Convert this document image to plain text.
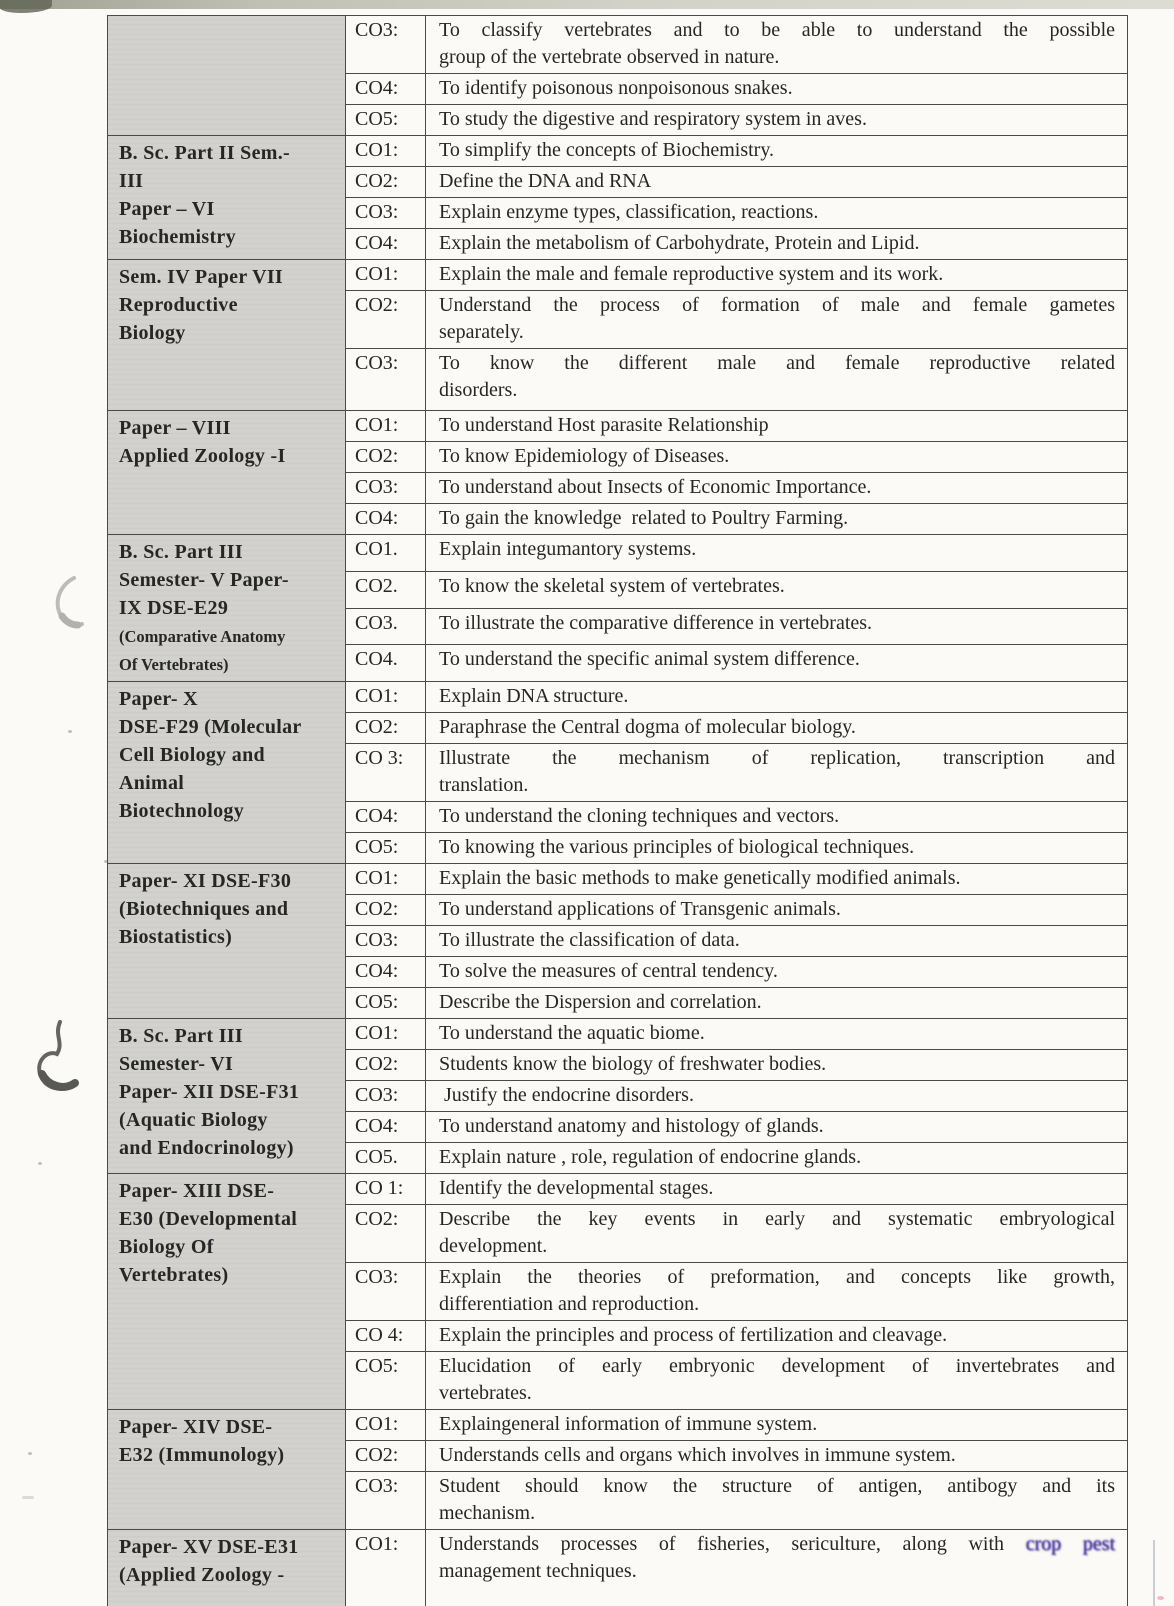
	CO3:	To classify vertebrates and to be able to understand the possible
group of the vertebrate observed in nature.
	CO4:	To identify poisonous nonpoisonous snakes.
	CO5:	To study the digestive and respiratory system in aves.
B. Sc. Part II Sem.-
III
Paper – VI
Biochemistry	CO1:	To simplify the concepts of Biochemistry.
	CO2:	Define the DNA and RNA
	CO3:	Explain enzyme types, classification, reactions.
	CO4:	Explain the metabolism of Carbohydrate, Protein and Lipid.
Sem. IV Paper VII
Reproductive
Biology	CO1:	Explain the male and female reproductive system and its work.
	CO2:	Understand the process of formation of male and female gametes
separately.
	CO3:	To know the different male and female reproductive related
disorders.
Paper – VIII
Applied Zoology -I	CO1:	To understand Host parasite Relationship
	CO2:	To know Epidemiology of Diseases.
	CO3:	To understand about Insects of Economic Importance.
	CO4:	To gain the knowledge  related to Poultry Farming.
B. Sc. Part III
Semester- V Paper-
IX DSE-E29
(Comparative Anatomy
Of Vertebrates)	CO1.	Explain integumantory systems.
	CO2.	To know the skeletal system of vertebrates.
	CO3.	To illustrate the comparative difference in vertebrates.
	CO4.	To understand the specific animal system difference.
Paper- X
DSE-F29 (Molecular
Cell Biology and
Animal
Biotechnology	CO1:	Explain DNA structure.
	CO2:	Paraphrase the Central dogma of molecular biology.
	CO 3:	Illustrate the mechanism of replication, transcription and
translation.
	CO4:	To understand the cloning techniques and vectors.
	CO5:	To knowing the various principles of biological techniques.
Paper- XI DSE-F30
(Biotechniques and
Biostatistics)	CO1:	Explain the basic methods to make genetically modified animals.
	CO2:	To understand applications of Transgenic animals.
	CO3:	To illustrate the classification of data.
	CO4:	To solve the measures of central tendency.
	CO5:	Describe the Dispersion and correlation.
B. Sc. Part III
Semester- VI
Paper- XII DSE-F31
(Aquatic Biology
and Endocrinology)	CO1:	To understand the aquatic biome.
	CO2:	Students know the biology of freshwater bodies.
	CO3:	Justify the endocrine disorders.
	CO4:	To understand anatomy and histology of glands.
	CO5.	Explain nature , role, regulation of endocrine glands.
Paper- XIII DSE-
E30 (Developmental
Biology Of
Vertebrates)	CO 1:	Identify the developmental stages.
	CO2:	Describe the key events in early and systematic embryological
development.
	CO3:	Explain the theories of preformation, and concepts like growth,
differentiation and reproduction.
	CO 4:	Explain the principles and process of fertilization and cleavage.
	CO5:	Elucidation of early embryonic development of invertebrates and
vertebrates.
Paper- XIV DSE-
E32 (Immunology)	CO1:	Explaingeneral information of immune system.
	CO2:	Understands cells and organs which involves in immune system.
	CO3:	Student should know the structure of antigen, antibogy and its
mechanism.
Paper- XV DSE-E31
(Applied Zoology -	CO1:	Understands processes of fisheries, sericulture, along with crop pest
management techniques.
